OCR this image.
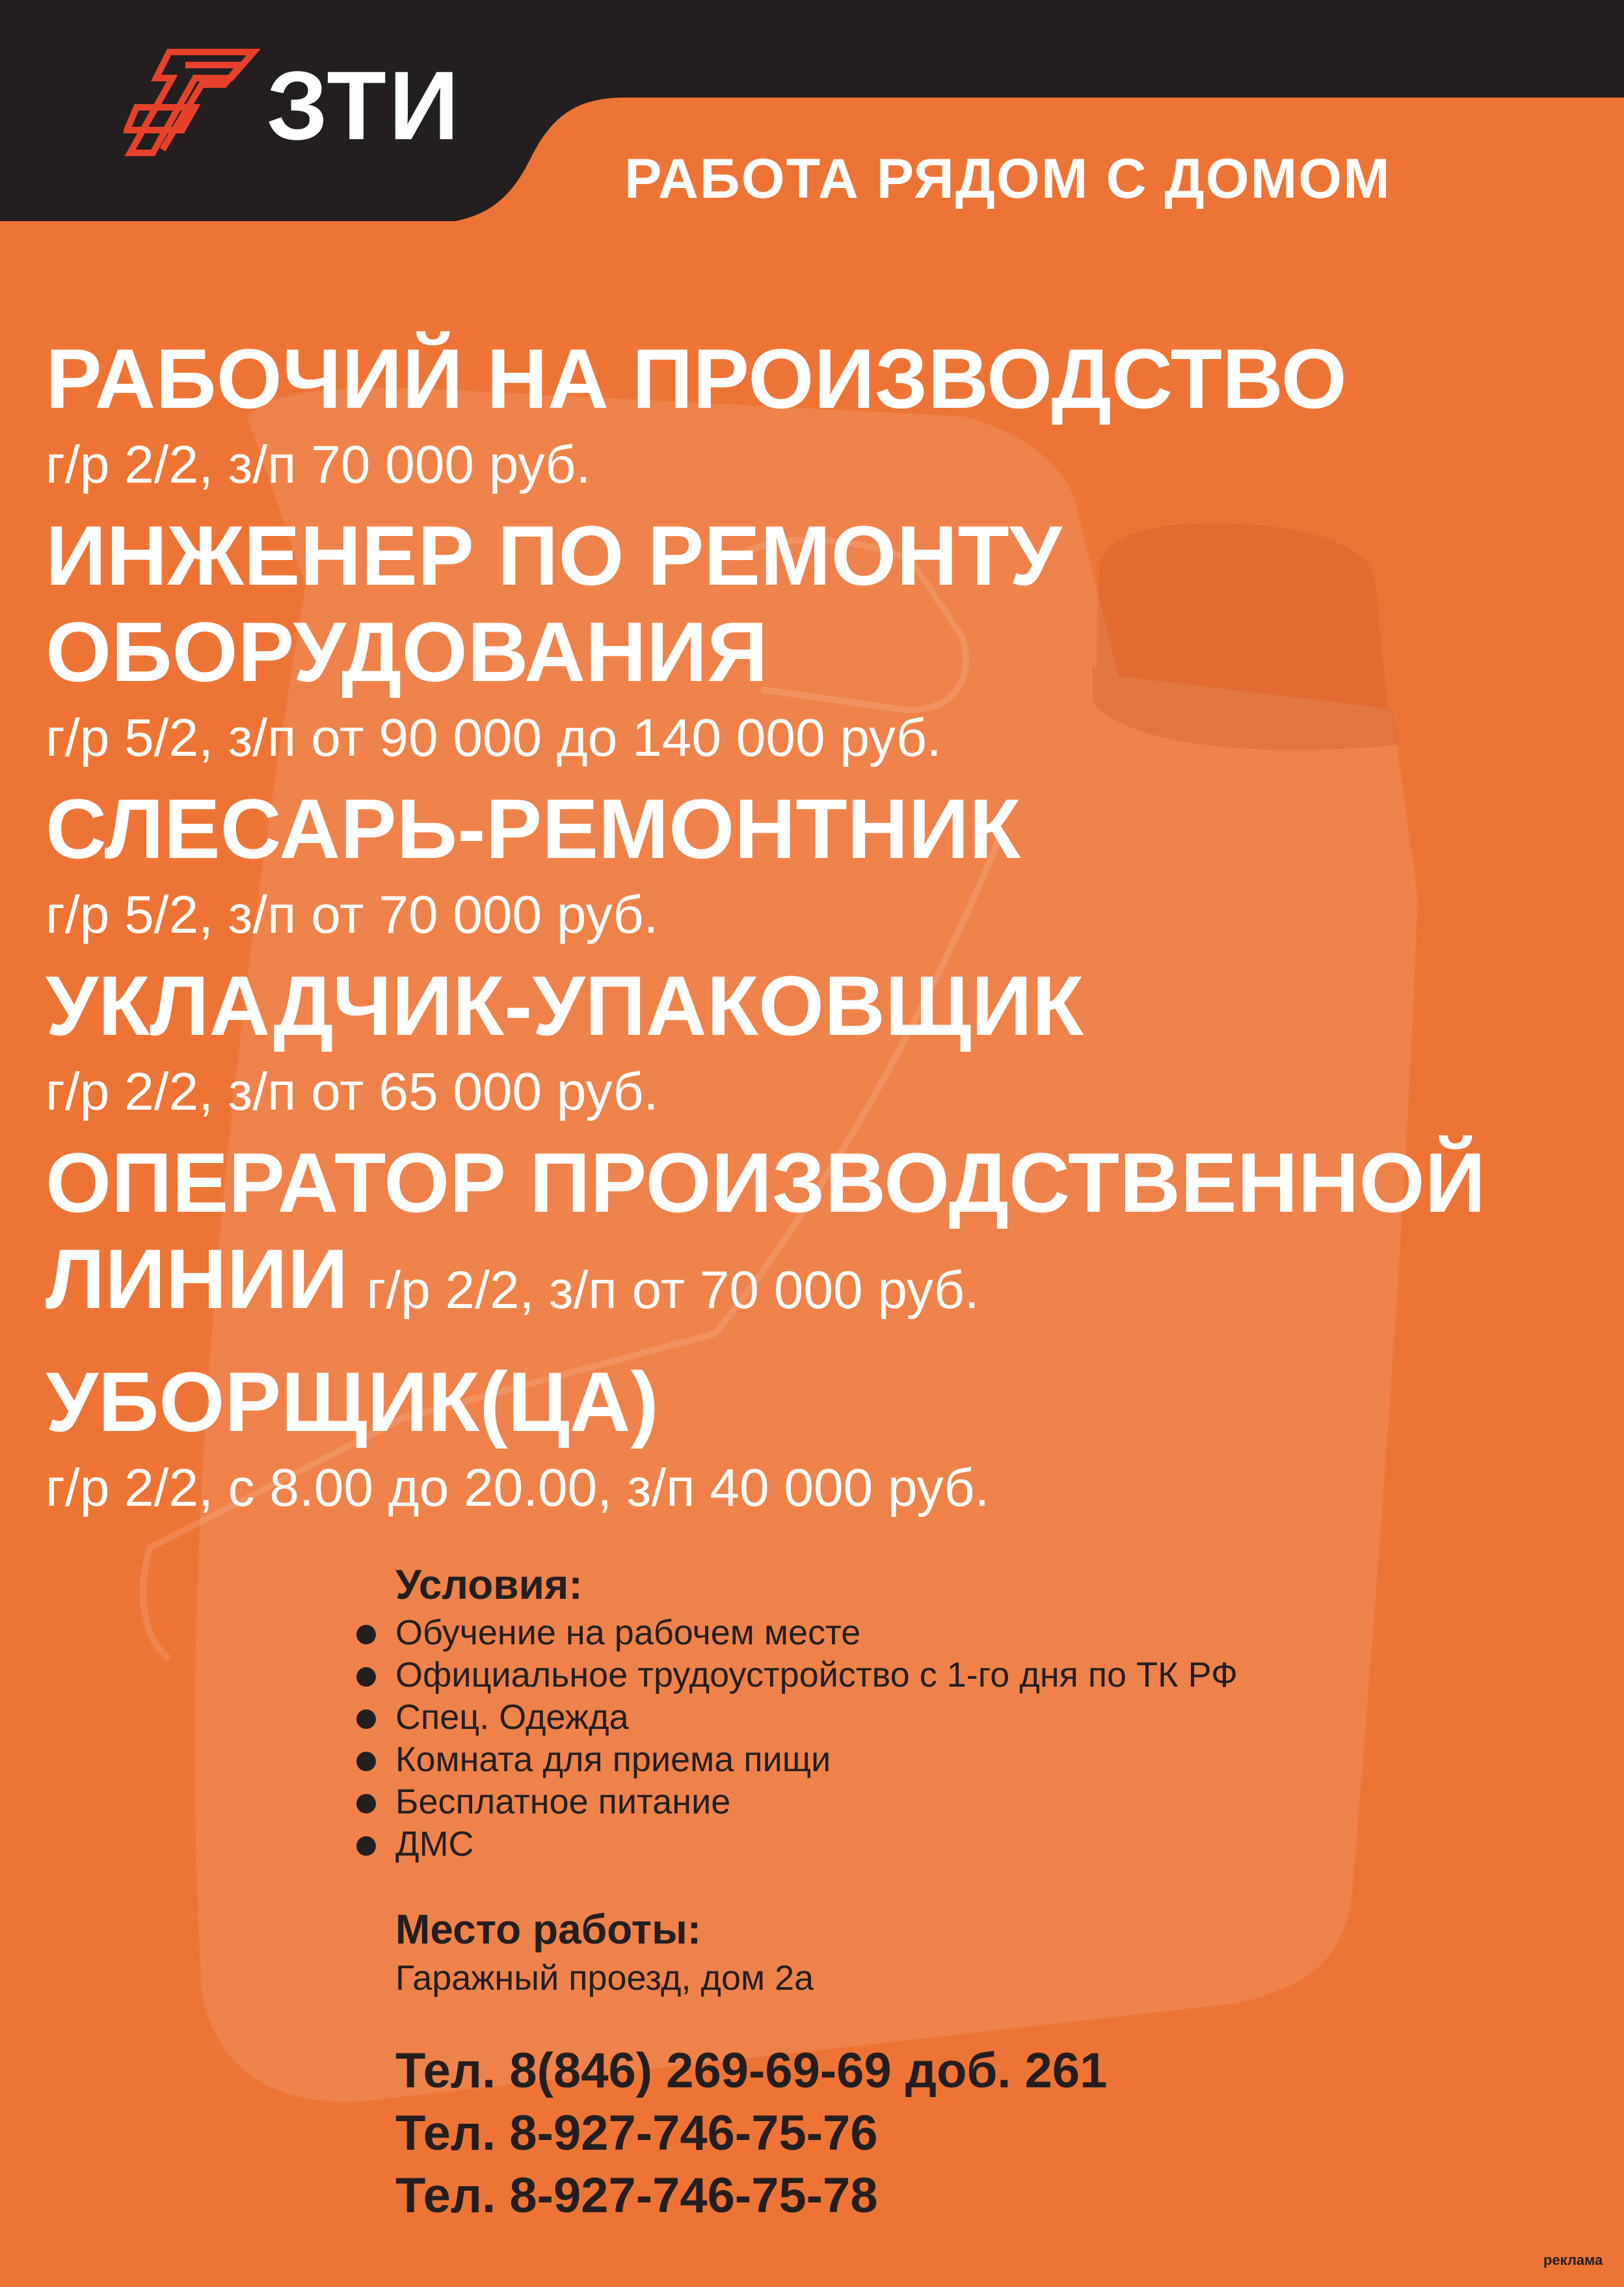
ЗТИ
РАБОТА РЯДОМ С ДОМОМ
РАБОЧИЙ НА ПРОИЗВОДСТВО
г/р 2/2, з/п 70 000 руб.
ИНЖЕНЕР ПО РЕМОНТУ
ОБОРУДОВАНИЯ
г/р 5/2, з/п от 90 000 до 140 000 руб.
СЛЕСАРЬ-РЕМОНТНИК
г/р 5/2, з/п от 70 000 руб.
УКЛАДЧИК-УПАКОВЩИК
г/р 2/2, з/п от 65 000 руб.
ОПЕРАТОР ПРОИЗВОДСТВЕННОЙ
ЛИНИИ г/р 2/2, з/п от 70 000 руб.
УБОРЩИК(ЦА)
г/р 2/2, с 8.00 до 20.00, з/п 40 000 руб.
Условия:
Обучение на рабочем месте
Официальное трудоустройство с 1-го дня по ТК РФ
Спец. Одежда
Комната для приема пищи
Бесплатное питание
ДМС
Место работы:
Гаражный проезд, дом 2а
Тел. 8(846) 269-69-69 доб. 261
Тел. 8-927-746-75-76
Тел. 8-927-746-75-78
реклама
